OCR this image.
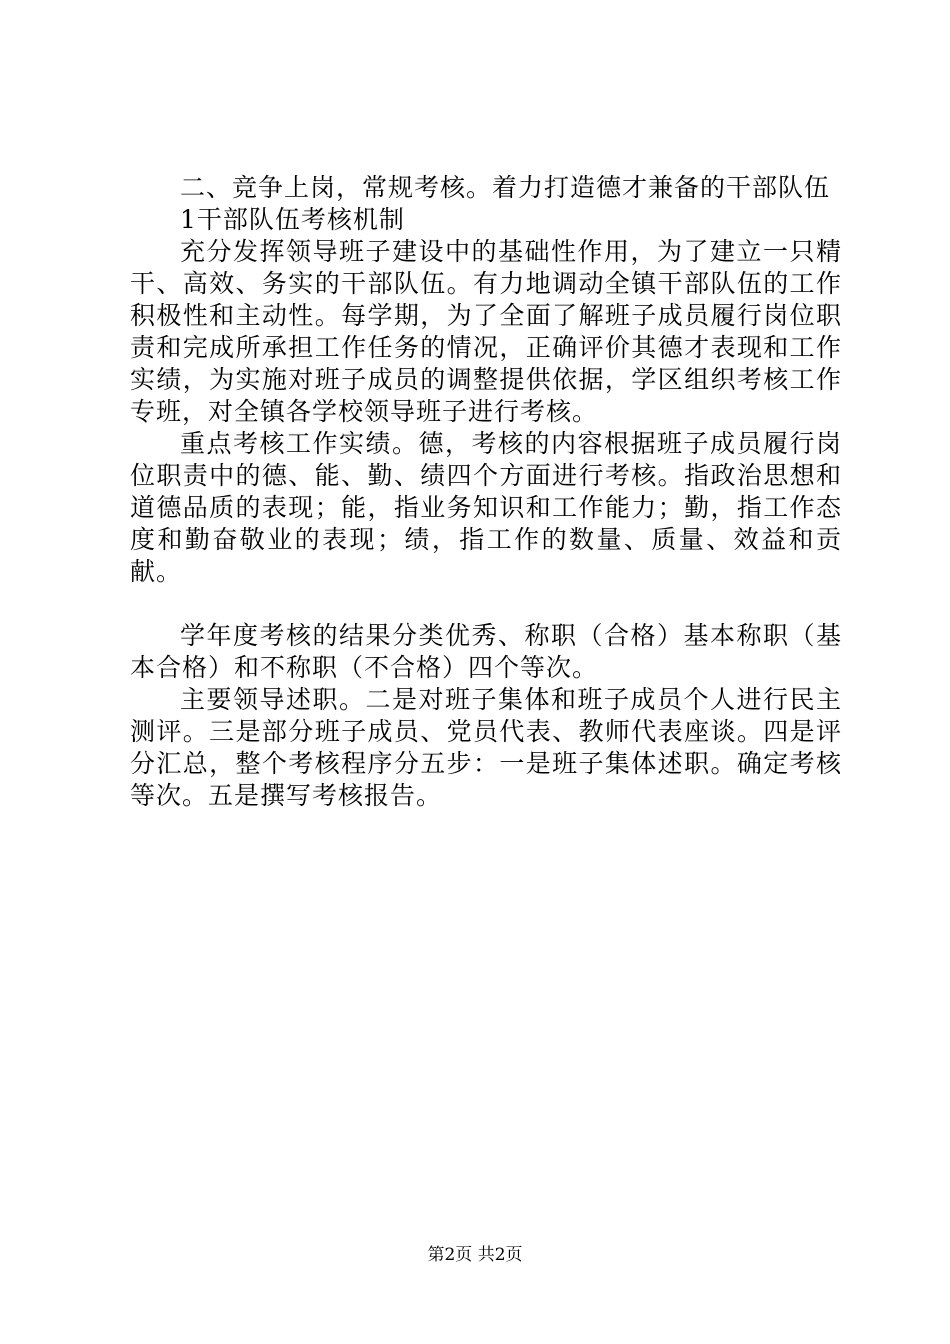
二、竞争上岗，常规考核。着力打造德才兼备的干部队伍

1干部队伍考核机制

充分发挥领导班子建设中的基础性作用，为了建立一只精干、高效、务实的干部队伍。有力地调动全镇干部队伍的工作积极性和主动性。每学期，为了全面了解班子成员履行岗位职责和完成所承担工作任务的情况，正确评价其德才表现和工作实绩，为实施对班子成员的调整提供依据，学区组织考核工作专班，对全镇各学校领导班子进行考核。

重点考核工作实绩。德，考核的内容根据班子成员履行岗位职责中的德、能、勤、绩四个方面进行考核。指政治思想和道德品质的表现；能，指业务知识和工作能力；勤，指工作态度和勤奋敬业的表现；绩，指工作的数量、质量、效益和贡献。

学年度考核的结果分类优秀、称职（合格）基本称职（基本合格）和不称职（不合格）四个等次。

主要领导述职。二是对班子集体和班子成员个人进行民主测评。三是部分班子成员、党员代表、教师代表座谈。四是评分汇总，整个考核程序分五步：一是班子集体述职。确定考核等次。五是撰写考核报告。

第2页 共2页
